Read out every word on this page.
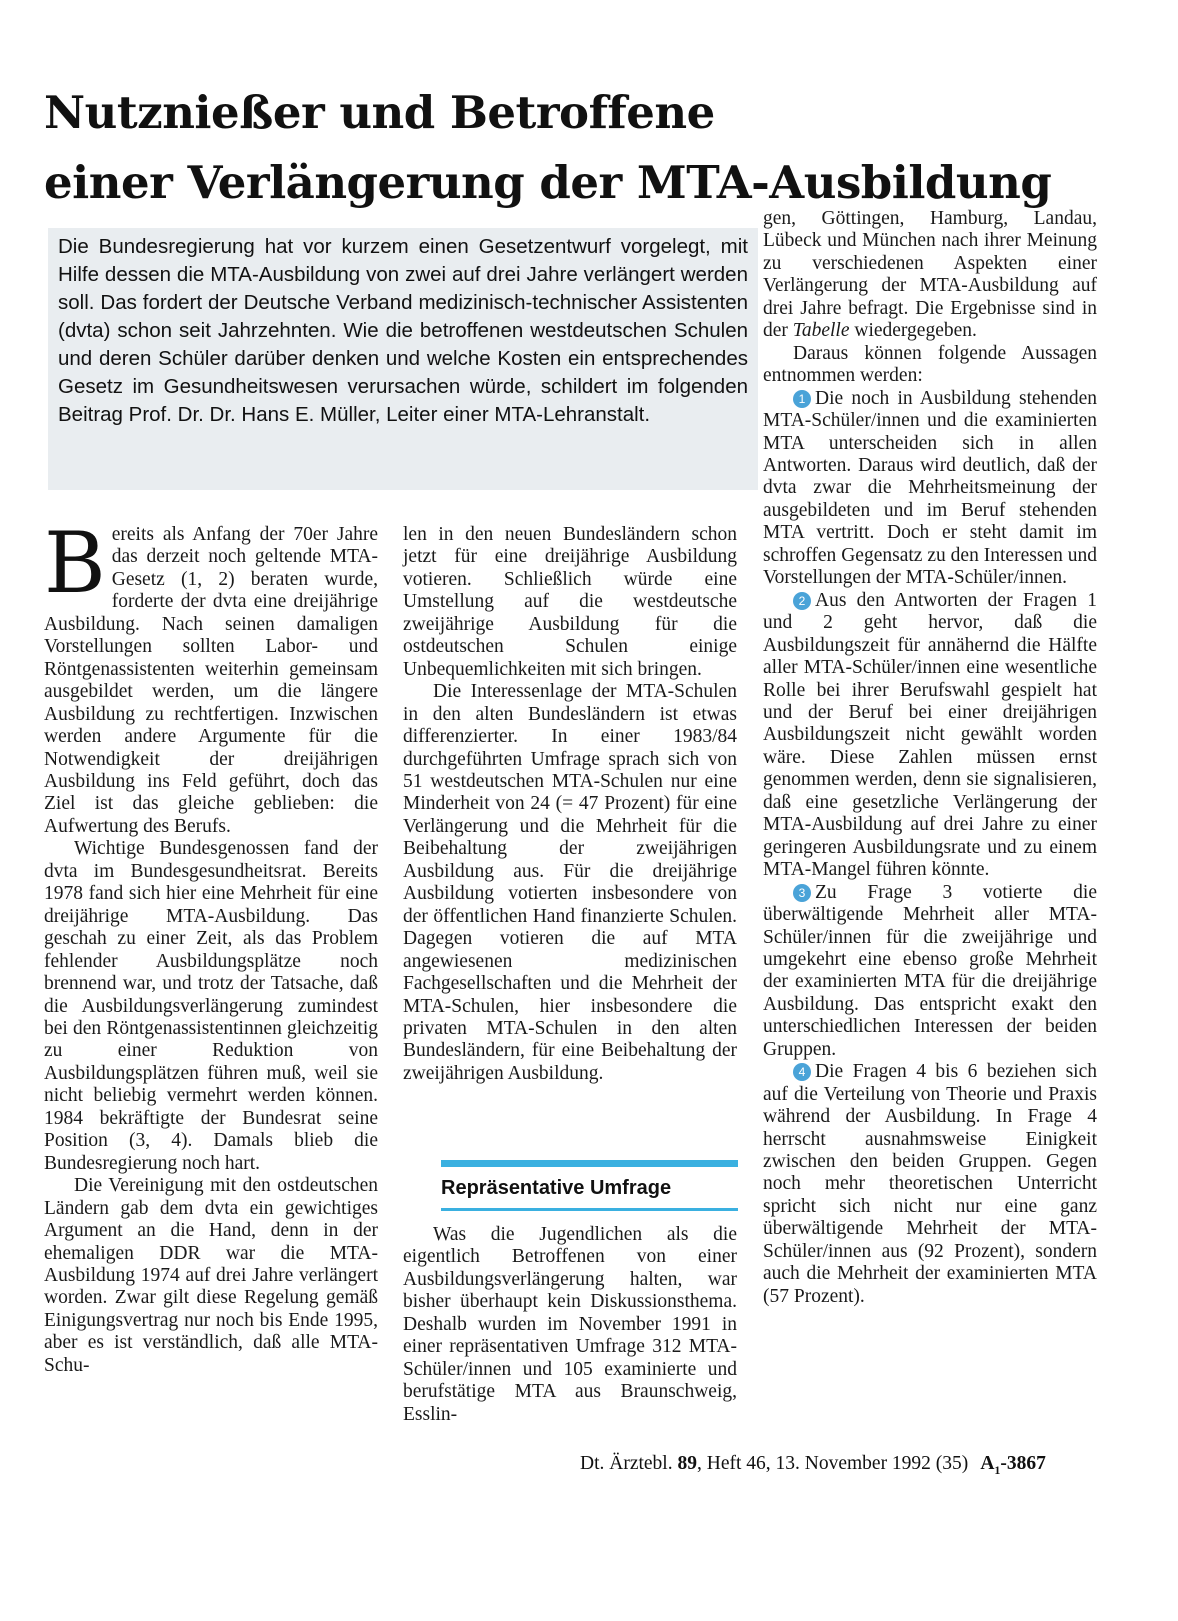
Nutznießer und Betroffene
einer Verlängerung der MTA-Ausbildung
Die Bundesregierung hat vor kurzem einen Gesetzentwurf vorgelegt, mit Hilfe dessen die MTA-Ausbildung von zwei auf drei Jahre verlängert werden soll. Das fordert der Deutsche Verband medizinisch-technischer Assistenten (dvta) schon seit Jahrzehnten. Wie die betroffenen westdeutschen Schulen und deren Schüler darüber denken und welche Kosten ein entsprechendes Gesetz im Gesundheitswesen verursachen würde, schildert im folgenden Beitrag Prof. Dr. Dr. Hans E. Müller, Leiter einer MTA-Lehranstalt.

Bereits als Anfang der 70er Jahre das derzeit noch geltende MTA-Gesetz (1, 2) beraten wurde, forderte der dvta eine dreijährige Ausbildung. Nach seinen damaligen Vorstellungen sollten Labor- und Röntgenassistenten weiterhin gemeinsam ausgebildet werden, um die längere Ausbildung zu rechtfertigen. Inzwischen werden andere Argumente für die Notwendigkeit der dreijährigen Ausbildung ins Feld geführt, doch das Ziel ist das gleiche geblieben: die Aufwertung des Berufs.

Wichtige Bundesgenossen fand der dvta im Bundesgesundheitsrat. Bereits 1978 fand sich hier eine Mehrheit für eine dreijährige MTA-Ausbildung. Das geschah zu einer Zeit, als das Problem fehlender Ausbildungsplätze noch brennend war, und trotz der Tatsache, daß die Ausbildungsverlängerung zumindest bei den Röntgenassistentinnen gleichzeitig zu einer Reduktion von Ausbildungsplätzen führen muß, weil sie nicht beliebig vermehrt werden können. 1984 bekräftigte der Bundesrat seine Position (3, 4). Damals blieb die Bundesregierung noch hart.

Die Vereinigung mit den ostdeutschen Ländern gab dem dvta ein gewichtiges Argument an die Hand, denn in der ehemaligen DDR war die MTA-Ausbildung 1974 auf drei Jahre verlängert worden. Zwar gilt diese Regelung gemäß Einigungsvertrag nur noch bis Ende 1995, aber es ist verständlich, daß alle MTA-Schu-

len in den neuen Bundesländern schon jetzt für eine dreijährige Ausbildung votieren. Schließlich würde eine Umstellung auf die westdeutsche zweijährige Ausbildung für die ostdeutschen Schulen einige Unbequemlichkeiten mit sich bringen.

Die Interessenlage der MTA-Schulen in den alten Bundesländern ist etwas differenzierter. In einer 1983/84 durchgeführten Umfrage sprach sich von 51 westdeutschen MTA-Schulen nur eine Minderheit von 24 (= 47 Prozent) für eine Verlängerung und die Mehrheit für die Beibehaltung der zweijährigen Ausbildung aus. Für die dreijährige Ausbildung votierten insbesondere von der öffentlichen Hand finanzierte Schulen. Dagegen votieren die auf MTA angewiesenen medizinischen Fachgesellschaften und die Mehrheit der MTA-Schulen, hier insbesondere die privaten MTA-Schulen in den alten Bundesländern, für eine Beibehaltung der zweijährigen Ausbildung.

Repräsentative Umfrage

Was die Jugendlichen als die eigentlich Betroffenen von einer Ausbildungsverlängerung halten, war bisher überhaupt kein Diskussionsthema. Deshalb wurden im November 1991 in einer repräsentativen Umfrage 312 MTA-Schüler/innen und 105 examinierte und berufstätige MTA aus Braunschweig, Esslin-

gen, Göttingen, Hamburg, Landau, Lübeck und München nach ihrer Meinung zu verschiedenen Aspekten einer Verlängerung der MTA-Ausbildung auf drei Jahre befragt. Die Ergebnisse sind in der Tabelle wiedergegeben.

Daraus können folgende Aussagen entnommen werden:

1 Die noch in Ausbildung stehenden MTA-Schüler/innen und die examinierten MTA unterscheiden sich in allen Antworten. Daraus wird deutlich, daß der dvta zwar die Mehrheitsmeinung der ausgebildeten und im Beruf stehenden MTA vertritt. Doch er steht damit im schroffen Gegensatz zu den Interessen und Vorstellungen der MTA-Schüler/innen.

2 Aus den Antworten der Fragen 1 und 2 geht hervor, daß die Ausbildungszeit für annähernd die Hälfte aller MTA-Schüler/innen eine wesentliche Rolle bei ihrer Berufswahl gespielt hat und der Beruf bei einer dreijährigen Ausbildungszeit nicht gewählt worden wäre. Diese Zahlen müssen ernst genommen werden, denn sie signalisieren, daß eine gesetzliche Verlängerung der MTA-Ausbildung auf drei Jahre zu einer geringeren Ausbildungsrate und zu einem MTA-Mangel führen könnte.

3 Zu Frage 3 votierte die überwältigende Mehrheit aller MTA-Schüler/innen für die zweijährige und umgekehrt eine ebenso große Mehrheit der examinierten MTA für die dreijährige Ausbildung. Das entspricht exakt den unterschiedlichen Interessen der beiden Gruppen.

4 Die Fragen 4 bis 6 beziehen sich auf die Verteilung von Theorie und Praxis während der Ausbildung. In Frage 4 herrscht ausnahmsweise Einigkeit zwischen den beiden Gruppen. Gegen noch mehr theoretischen Unterricht spricht sich nicht nur eine ganz überwältigende Mehrheit der MTA-Schüler/innen aus (92 Prozent), sondern auch die Mehrheit der examinierten MTA (57 Prozent).

Dt. Ärztebl. 89, Heft 46, 13. November 1992 (35) $A_1-3867$
